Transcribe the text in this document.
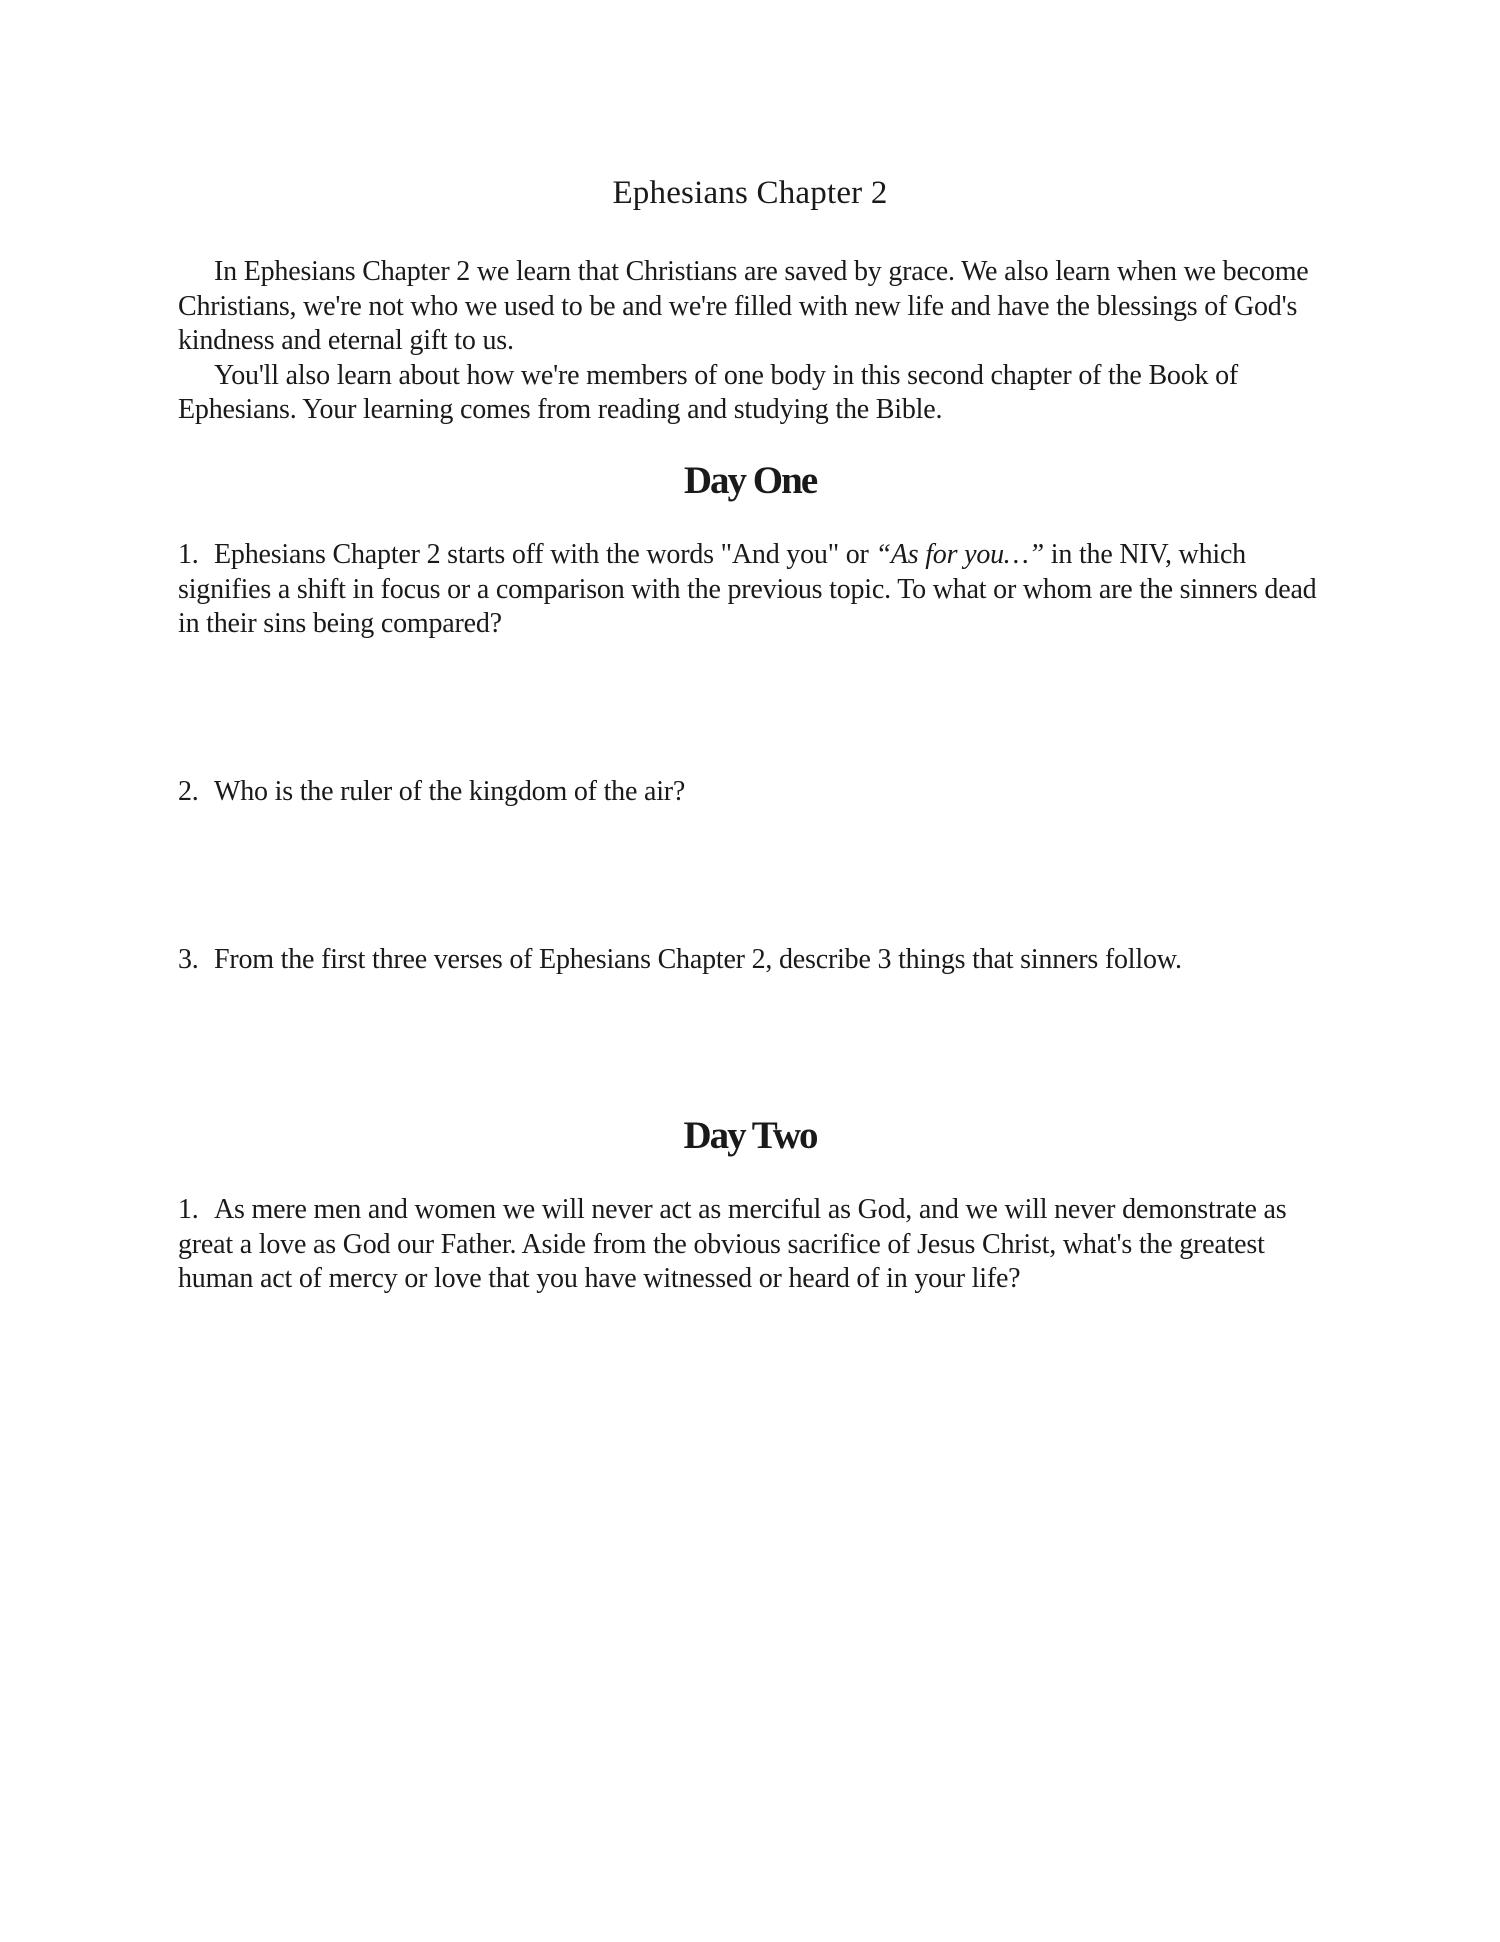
Ephesians Chapter 2

In Ephesians Chapter 2 we learn that Christians are saved by grace. We also learn when we become Christians, we're not who we used to be and we're filled with new life and have the blessings of God's kindness and eternal gift to us.

You'll also learn about how we're members of one body in this second chapter of the Book of Ephesians. Your learning comes from reading and studying the Bible.

Day One
1. Ephesians Chapter 2 starts off with the words "And you" or “As for you…” in the NIV, which signifies a shift in focus or a comparison with the previous topic. To what or whom are the sinners dead in their sins being compared?
2. Who is the ruler of the kingdom of the air?
3. From the first three verses of Ephesians Chapter 2, describe 3 things that sinners follow.
Day Two
1. As mere men and women we will never act as merciful as God, and we will never demonstrate as great a love as God our Father. Aside from the obvious sacrifice of Jesus Christ, what's the greatest human act of mercy or love that you have witnessed or heard of in your life?
